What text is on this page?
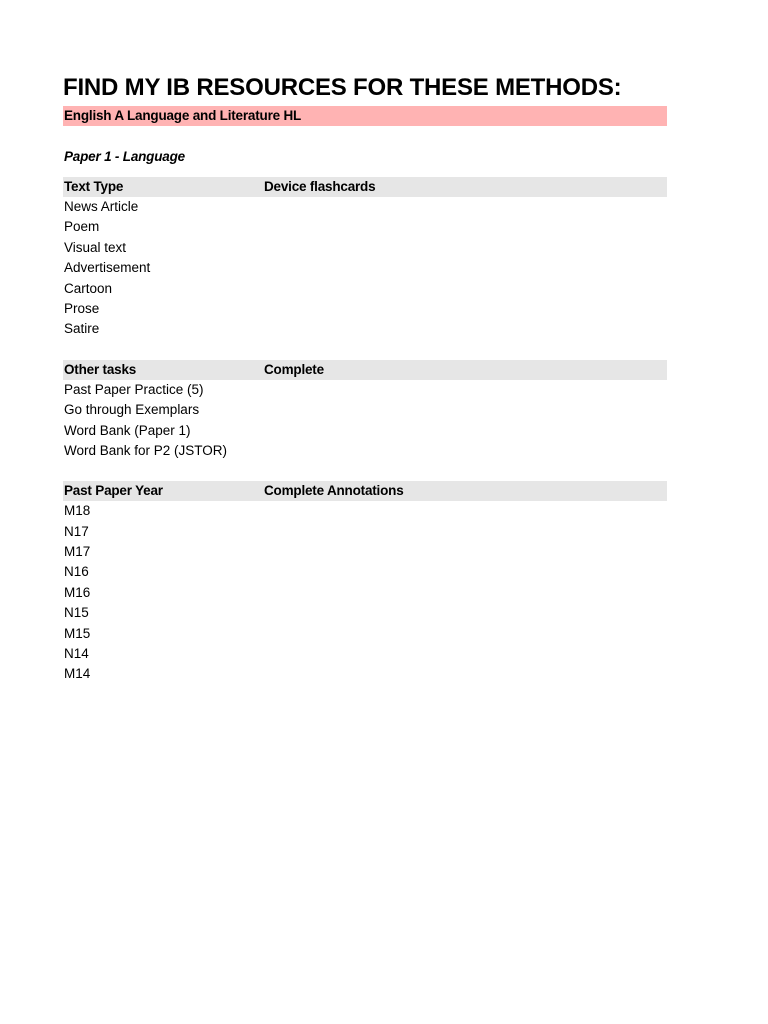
FIND MY IB RESOURCES FOR THESE METHODS:
English A Language and Literature HL
Paper 1 - Language
Text Type	Device flashcards
News Article
Poem
Visual text
Advertisement
Cartoon
Prose
Satire
Other tasks	Complete
Past Paper Practice (5)
Go through Exemplars
Word Bank (Paper 1)
Word Bank for P2 (JSTOR)
Past Paper Year	Complete Annotations
M18
N17
M17
N16
M16
N15
M15
N14
M14
